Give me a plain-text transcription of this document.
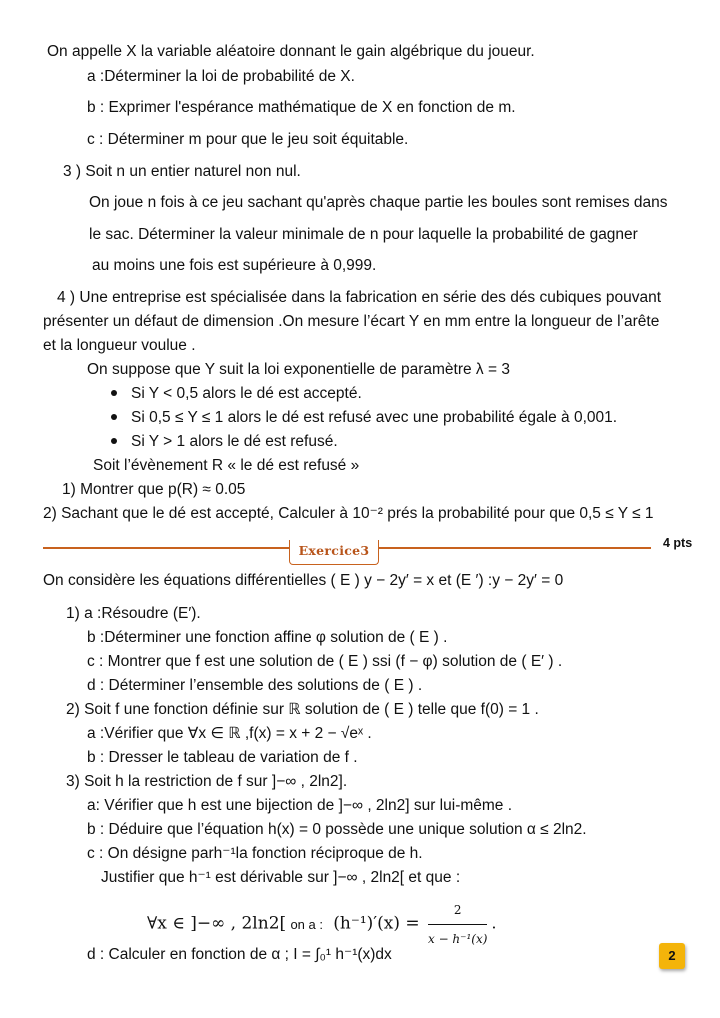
On appelle X la variable aléatoire donnant le gain algébrique du joueur.
a :Déterminer la loi de probabilité de X.
b : Exprimer l'espérance mathématique de X en fonction de m.
c : Déterminer m pour que le jeu soit équitable.
3 ) Soit n un entier naturel non nul.
On joue n fois à ce jeu sachant qu'après chaque partie les boules sont remises dans
le sac. Déterminer la valeur minimale de n pour laquelle la probabilité de gagner
au moins une fois est supérieure à 0,999.
4 ) Une entreprise est spécialisée dans la fabrication en série des dés cubiques pouvant
présenter un défaut de dimension .On mesure l’écart Y en mm entre la longueur de l’arête
et la longueur voulue .
On suppose que Y suit la loi exponentielle de paramètre λ = 3
Si Y < 0,5 alors le dé est accepté.
Si 0,5 ≤ Y ≤ 1 alors le dé est refusé avec une probabilité égale à 0,001.
Si Y > 1 alors le dé est refusé.
Soit l’évènement R « le dé est refusé »
1) Montrer que p(R) ≈ 0.05
2) Sachant que le dé est accepté, Calculer à 10⁻² prés la probabilité pour que 0,5 ≤ Y ≤ 1
Exercice3	4 pts
On considère les équations différentielles ( E ) y − 2y′ = x et (E ′) :y − 2y′ = 0
1) a :Résoudre (E′).
b :Déterminer une fonction affine φ solution de ( E ) .
c : Montrer que f est une solution de ( E ) ssi (f − φ) solution de ( E′ ) .
d : Déterminer l’ensemble des solutions de ( E ) .
2) Soit f une fonction définie sur ℝ solution de ( E ) telle que f(0) = 1 .
a :Vérifier que ∀x ∈ ℝ ,f(x) = x + 2 − √eˣ .
b : Dresser le tableau de variation de f .
3) Soit h la restriction de f sur ]−∞ , 2ln2].
a: Vérifier que h est une bijection de ]−∞ , 2ln2] sur lui-même .
b : Déduire que l’équation h(x) = 0 possède une unique solution α ≤ 2ln2.
c : On désigne parh⁻¹la fonction réciproque de h.
Justifier que h⁻¹ est dérivable sur ]−∞ , 2ln2[ et que :
∀x ∈ ]−∞ , 2ln2[ on a : $(h^{-1})'(x) = \frac{2}{\text{x − h⁻¹(x)}}$ .
d : Calculer en fonction de α ; I = ∫₀¹ h⁻¹(x)dx	2
